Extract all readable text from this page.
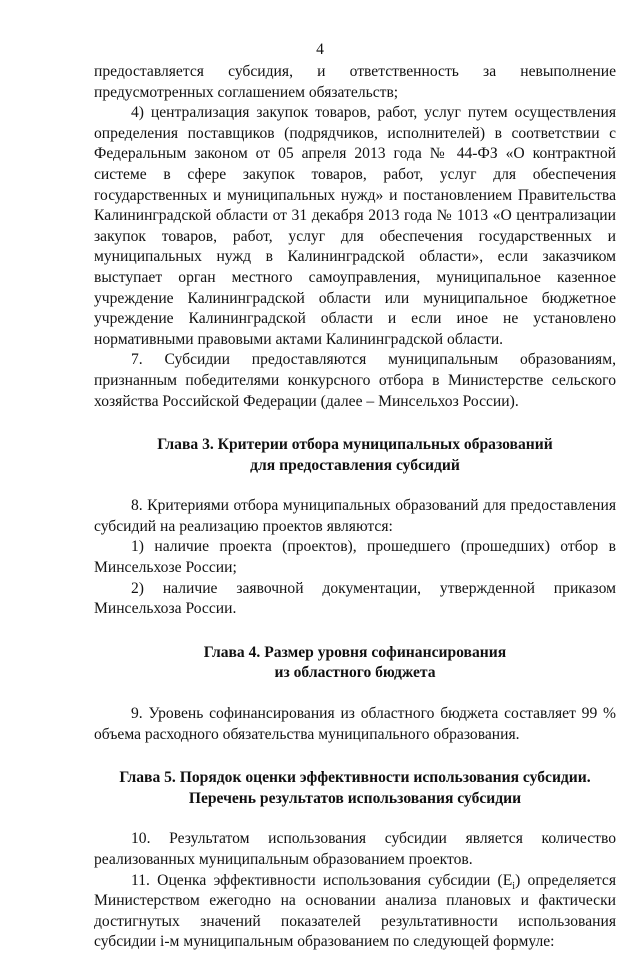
4
предоставляется субсидия, и ответственность за невыполнение
предусмотренных соглашением обязательств;

4) централизация закупок товаров, работ, услуг путем осуществления определения поставщиков (подрядчиков, исполнителей) в соответствии с Федеральным законом от 05 апреля 2013 года № 44-ФЗ «О контрактной системе в сфере закупок товаров, работ, услуг для обеспечения государственных и муниципальных нужд» и постановлением Правительства Калининградской области от 31 декабря 2013 года № 1013 «О централизации закупок товаров, работ, услуг для обеспечения государственных и муниципальных нужд в Калининградской области», если заказчиком выступает орган местного самоуправления, муниципальное казенное учреждение Калининградской области или муниципальное бюджетное учреждение Калининградской области и если иное не установлено нормативными правовыми актами Калининградской области.

7. Субсидии предоставляются муниципальным образованиям, признанным победителями конкурсного отбора в Министерстве сельского хозяйства Российской Федерации (далее – Минсельхоз России).

Глава 3. Критерии отбора муниципальных образований
для предоставления субсидий

8. Критериями отбора муниципальных образований для предоставления субсидий на реализацию проектов являются:

1) наличие проекта (проектов), прошедшего (прошедших) отбор в Минсельхозе России;

2) наличие заявочной документации, утвержденной приказом Минсельхоза России.

Глава 4. Размер уровня софинансирования
из областного бюджета

9. Уровень софинансирования из областного бюджета составляет 99 % объема расходного обязательства муниципального образования.

Глава 5. Порядок оценки эффективности использования субсидии.
Перечень результатов использования субсидии

10. Результатом использования субсидии является количество реализованных муниципальным образованием проектов.

11. Оценка эффективности использования субсидии $(E_i)$ определяется Министерством ежегодно на основании анализа плановых и фактически достигнутых значений показателей результативности использования субсидии i-м муниципальным образованием по следующей формуле:
